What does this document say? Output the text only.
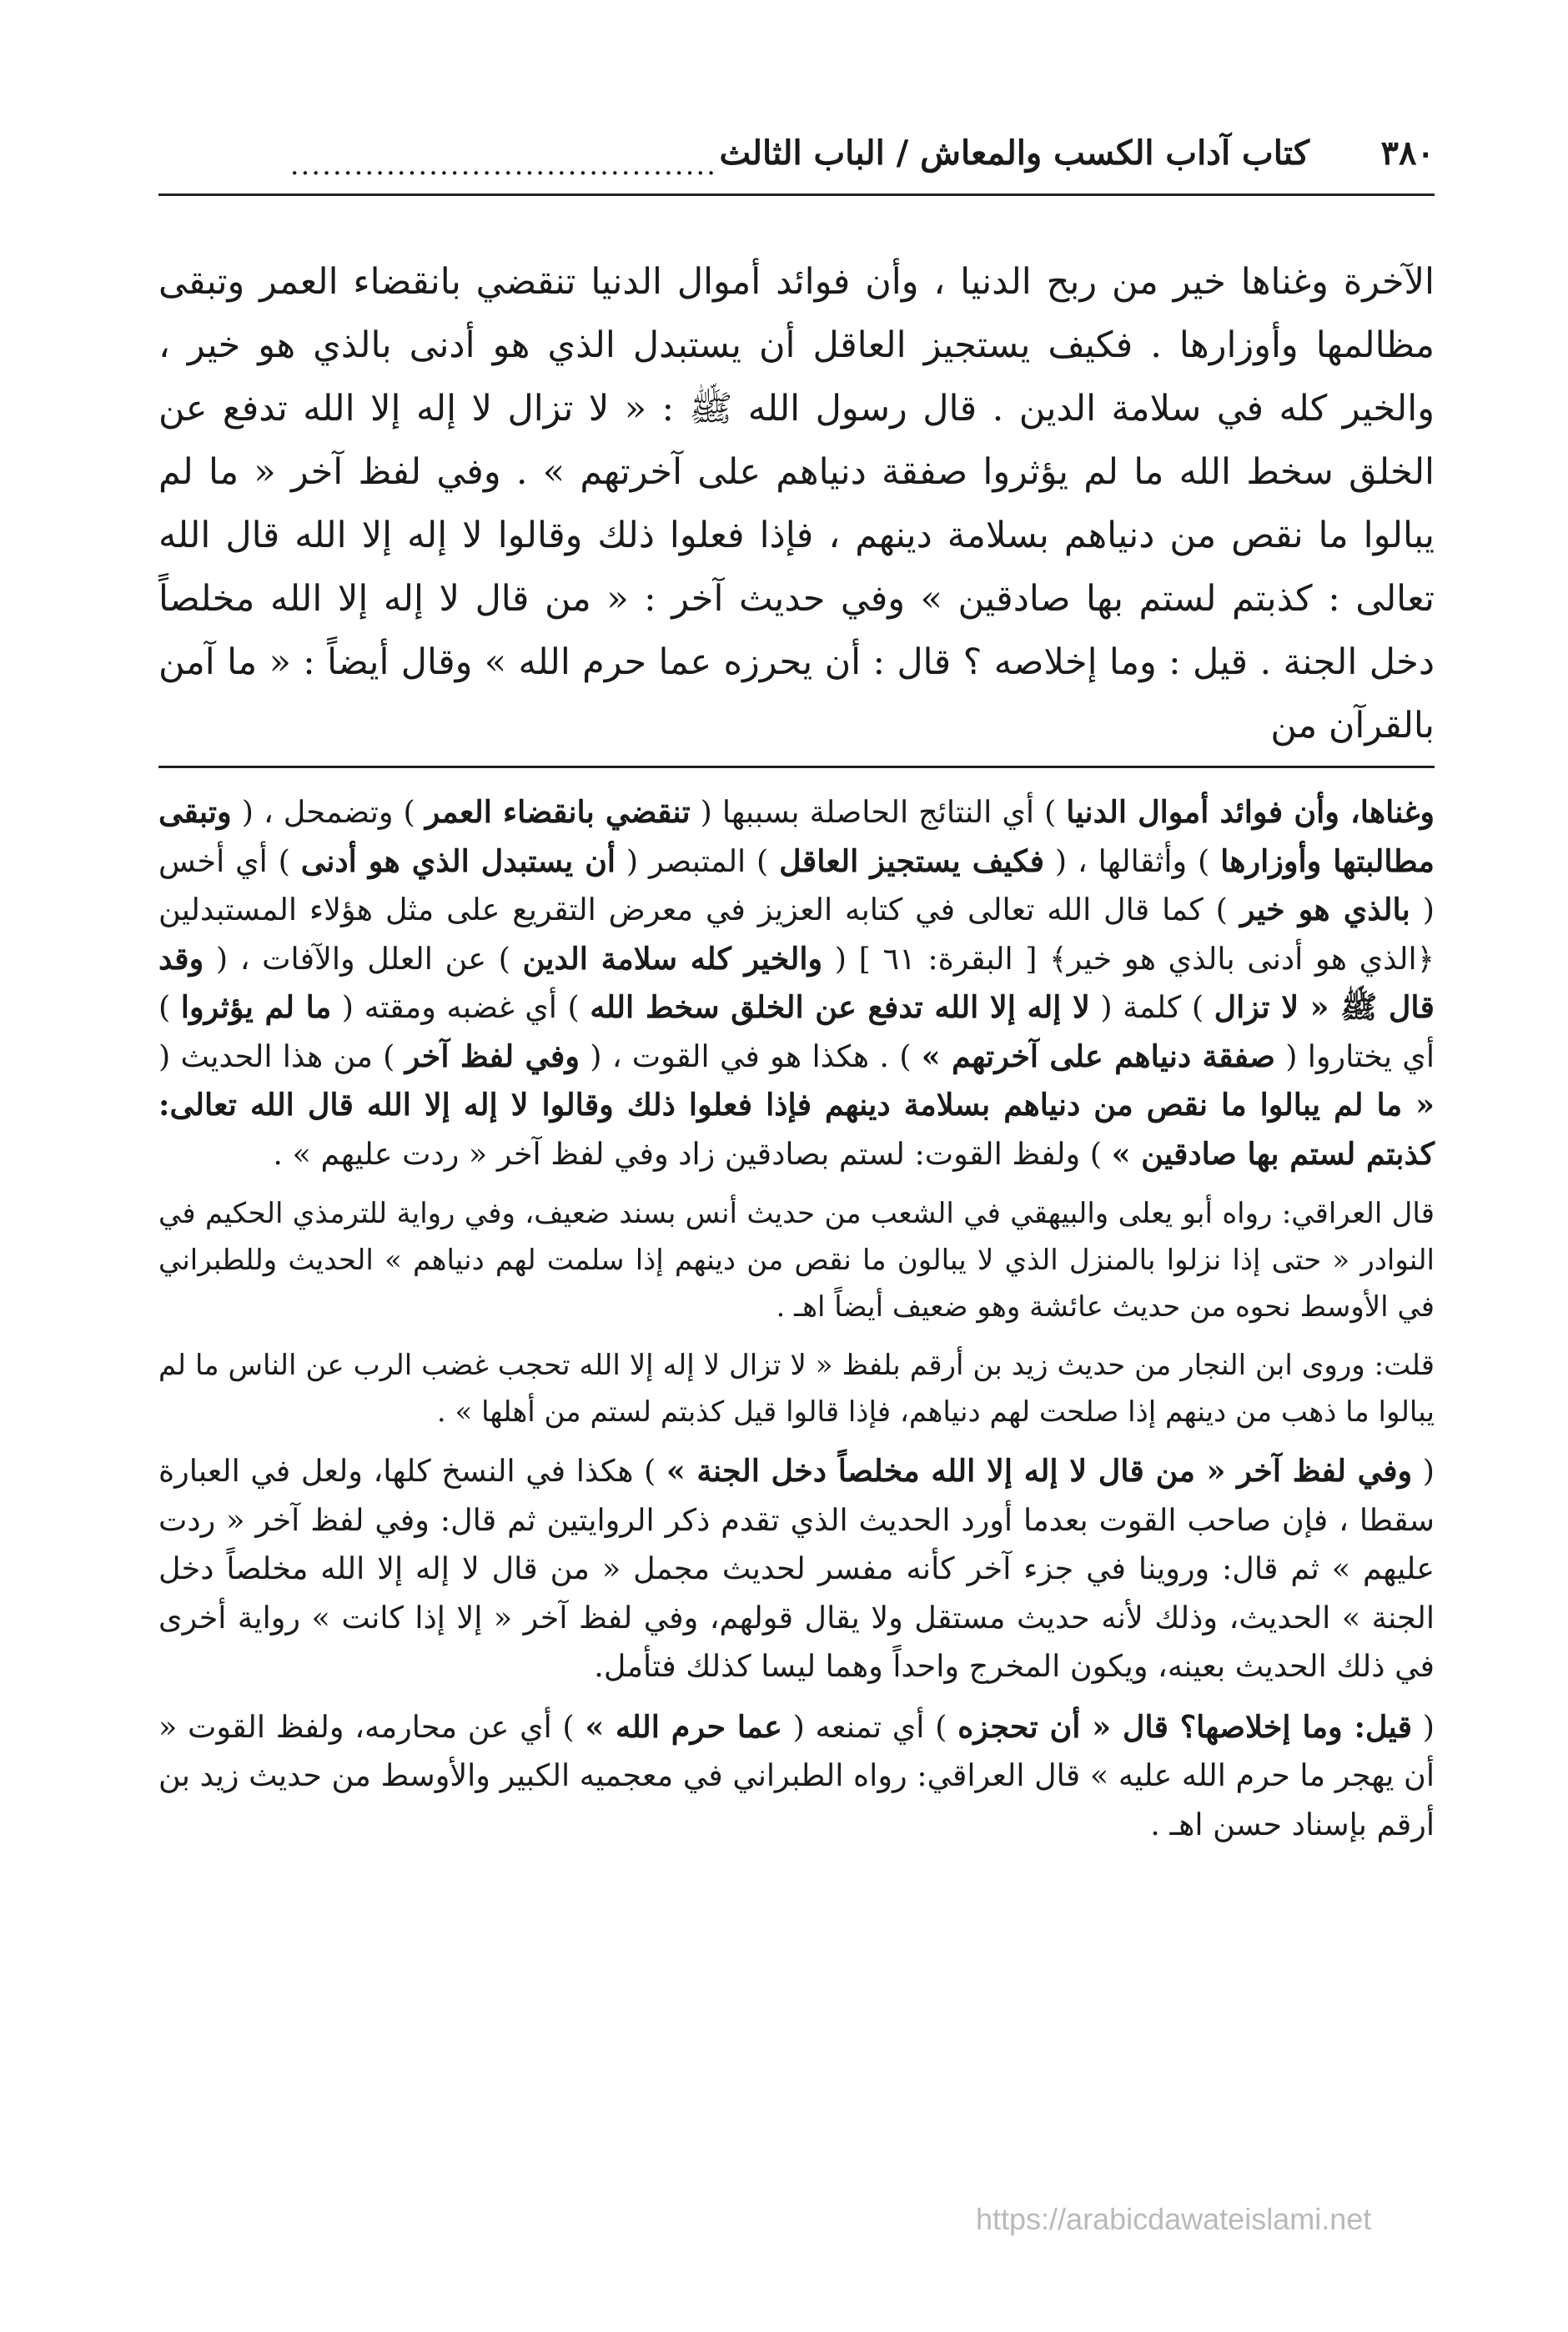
٣٨٠
........................................ كتاب آداب الكسب والمعاش / الباب الثالث

الآخرة وغناها خير من ربح الدنيا ، وأن فوائد أموال الدنيا تنقضي بانقضاء العمر وتبقى مظالمها وأوزارها . فكيف يستجيز العاقل أن يستبدل الذي هو أدنى بالذي هو خير ، والخير كله في سلامة الدين . قال رسول الله ﷺ : « لا تزال لا إله إلا الله تدفع عن الخلق سخط الله ما لم يؤثروا صفقة دنياهم على آخرتهم » . وفي لفظ آخر « ما لم يبالوا ما نقص من دنياهم بسلامة دينهم ، فإذا فعلوا ذلك وقالوا لا إله إلا الله قال الله تعالى : كذبتم لستم بها صادقين » وفي حديث آخر : « من قال لا إله إلا الله مخلصاً دخل الجنة . قيل : وما إخلاصه ؟ قال : أن يحرزه عما حرم الله » وقال أيضاً : « ما آمن بالقرآن من

وغناها، وأن فوائد أموال الدنيا ) أي النتائج الحاصلة بسببها ( تنقضي بانقضاء العمر ) وتضمحل ، ( وتبقى مطالبتها وأوزارها ) وأثقالها ، ( فكيف يستجيز العاقل ) المتبصر ( أن يستبدل الذي هو أدنى ) أي أخس ( بالذي هو خير ) كما قال الله تعالى في كتابه العزيز في معرض التقريع على مثل هؤلاء المستبدلين ﴿الذي هو أدنى بالذي هو خير﴾ [ البقرة: ٦١ ] ( والخير كله سلامة الدين ) عن العلل والآفات ، ( وقد قال ﷺ « لا تزال ) كلمة ( لا إله إلا الله تدفع عن الخلق سخط الله ) أي غضبه ومقته ( ما لم يؤثروا ) أي يختاروا ( صفقة دنياهم على آخرتهم » ) . هكذا هو في القوت ، ( وفي لفظ آخر ) من هذا الحديث ( « ما لم يبالوا ما نقص من دنياهم بسلامة دينهم فإذا فعلوا ذلك وقالوا لا إله إلا الله قال الله تعالى: كذبتم لستم بها صادقين » ) ولفظ القوت: لستم بصادقين زاد وفي لفظ آخر « ردت عليهم » .

قال العراقي: رواه أبو يعلى والبيهقي في الشعب من حديث أنس بسند ضعيف، وفي رواية للترمذي الحكيم في النوادر « حتى إذا نزلوا بالمنزل الذي لا يبالون ما نقص من دينهم إذا سلمت لهم دنياهم » الحديث وللطبراني في الأوسط نحوه من حديث عائشة وهو ضعيف أيضاً اهـ .

قلت: وروى ابن النجار من حديث زيد بن أرقم بلفظ « لا تزال لا إله إلا الله تحجب غضب الرب عن الناس ما لم يبالوا ما ذهب من دينهم إذا صلحت لهم دنياهم، فإذا قالوا قيل كذبتم لستم من أهلها » .

( وفي لفظ آخر « من قال لا إله إلا الله مخلصاً دخل الجنة » ) هكذا في النسخ كلها، ولعل في العبارة سقطا ، فإن صاحب القوت بعدما أورد الحديث الذي تقدم ذكر الروايتين ثم قال: وفي لفظ آخر « ردت عليهم » ثم قال: وروينا في جزء آخر كأنه مفسر لحديث مجمل « من قال لا إله إلا الله مخلصاً دخل الجنة » الحديث، وذلك لأنه حديث مستقل ولا يقال قولهم، وفي لفظ آخر « إلا إذا كانت » رواية أخرى في ذلك الحديث بعينه، ويكون المخرج واحداً وهما ليسا كذلك فتأمل.

( قيل: وما إخلاصها؟ قال « أن تحجزه ) أي تمنعه ( عما حرم الله » ) أي عن محارمه، ولفظ القوت « أن يهجر ما حرم الله عليه » قال العراقي: رواه الطبراني في معجميه الكبير والأوسط من حديث زيد بن أرقم بإسناد حسن اهـ .

https://arabicdawateislami.net
